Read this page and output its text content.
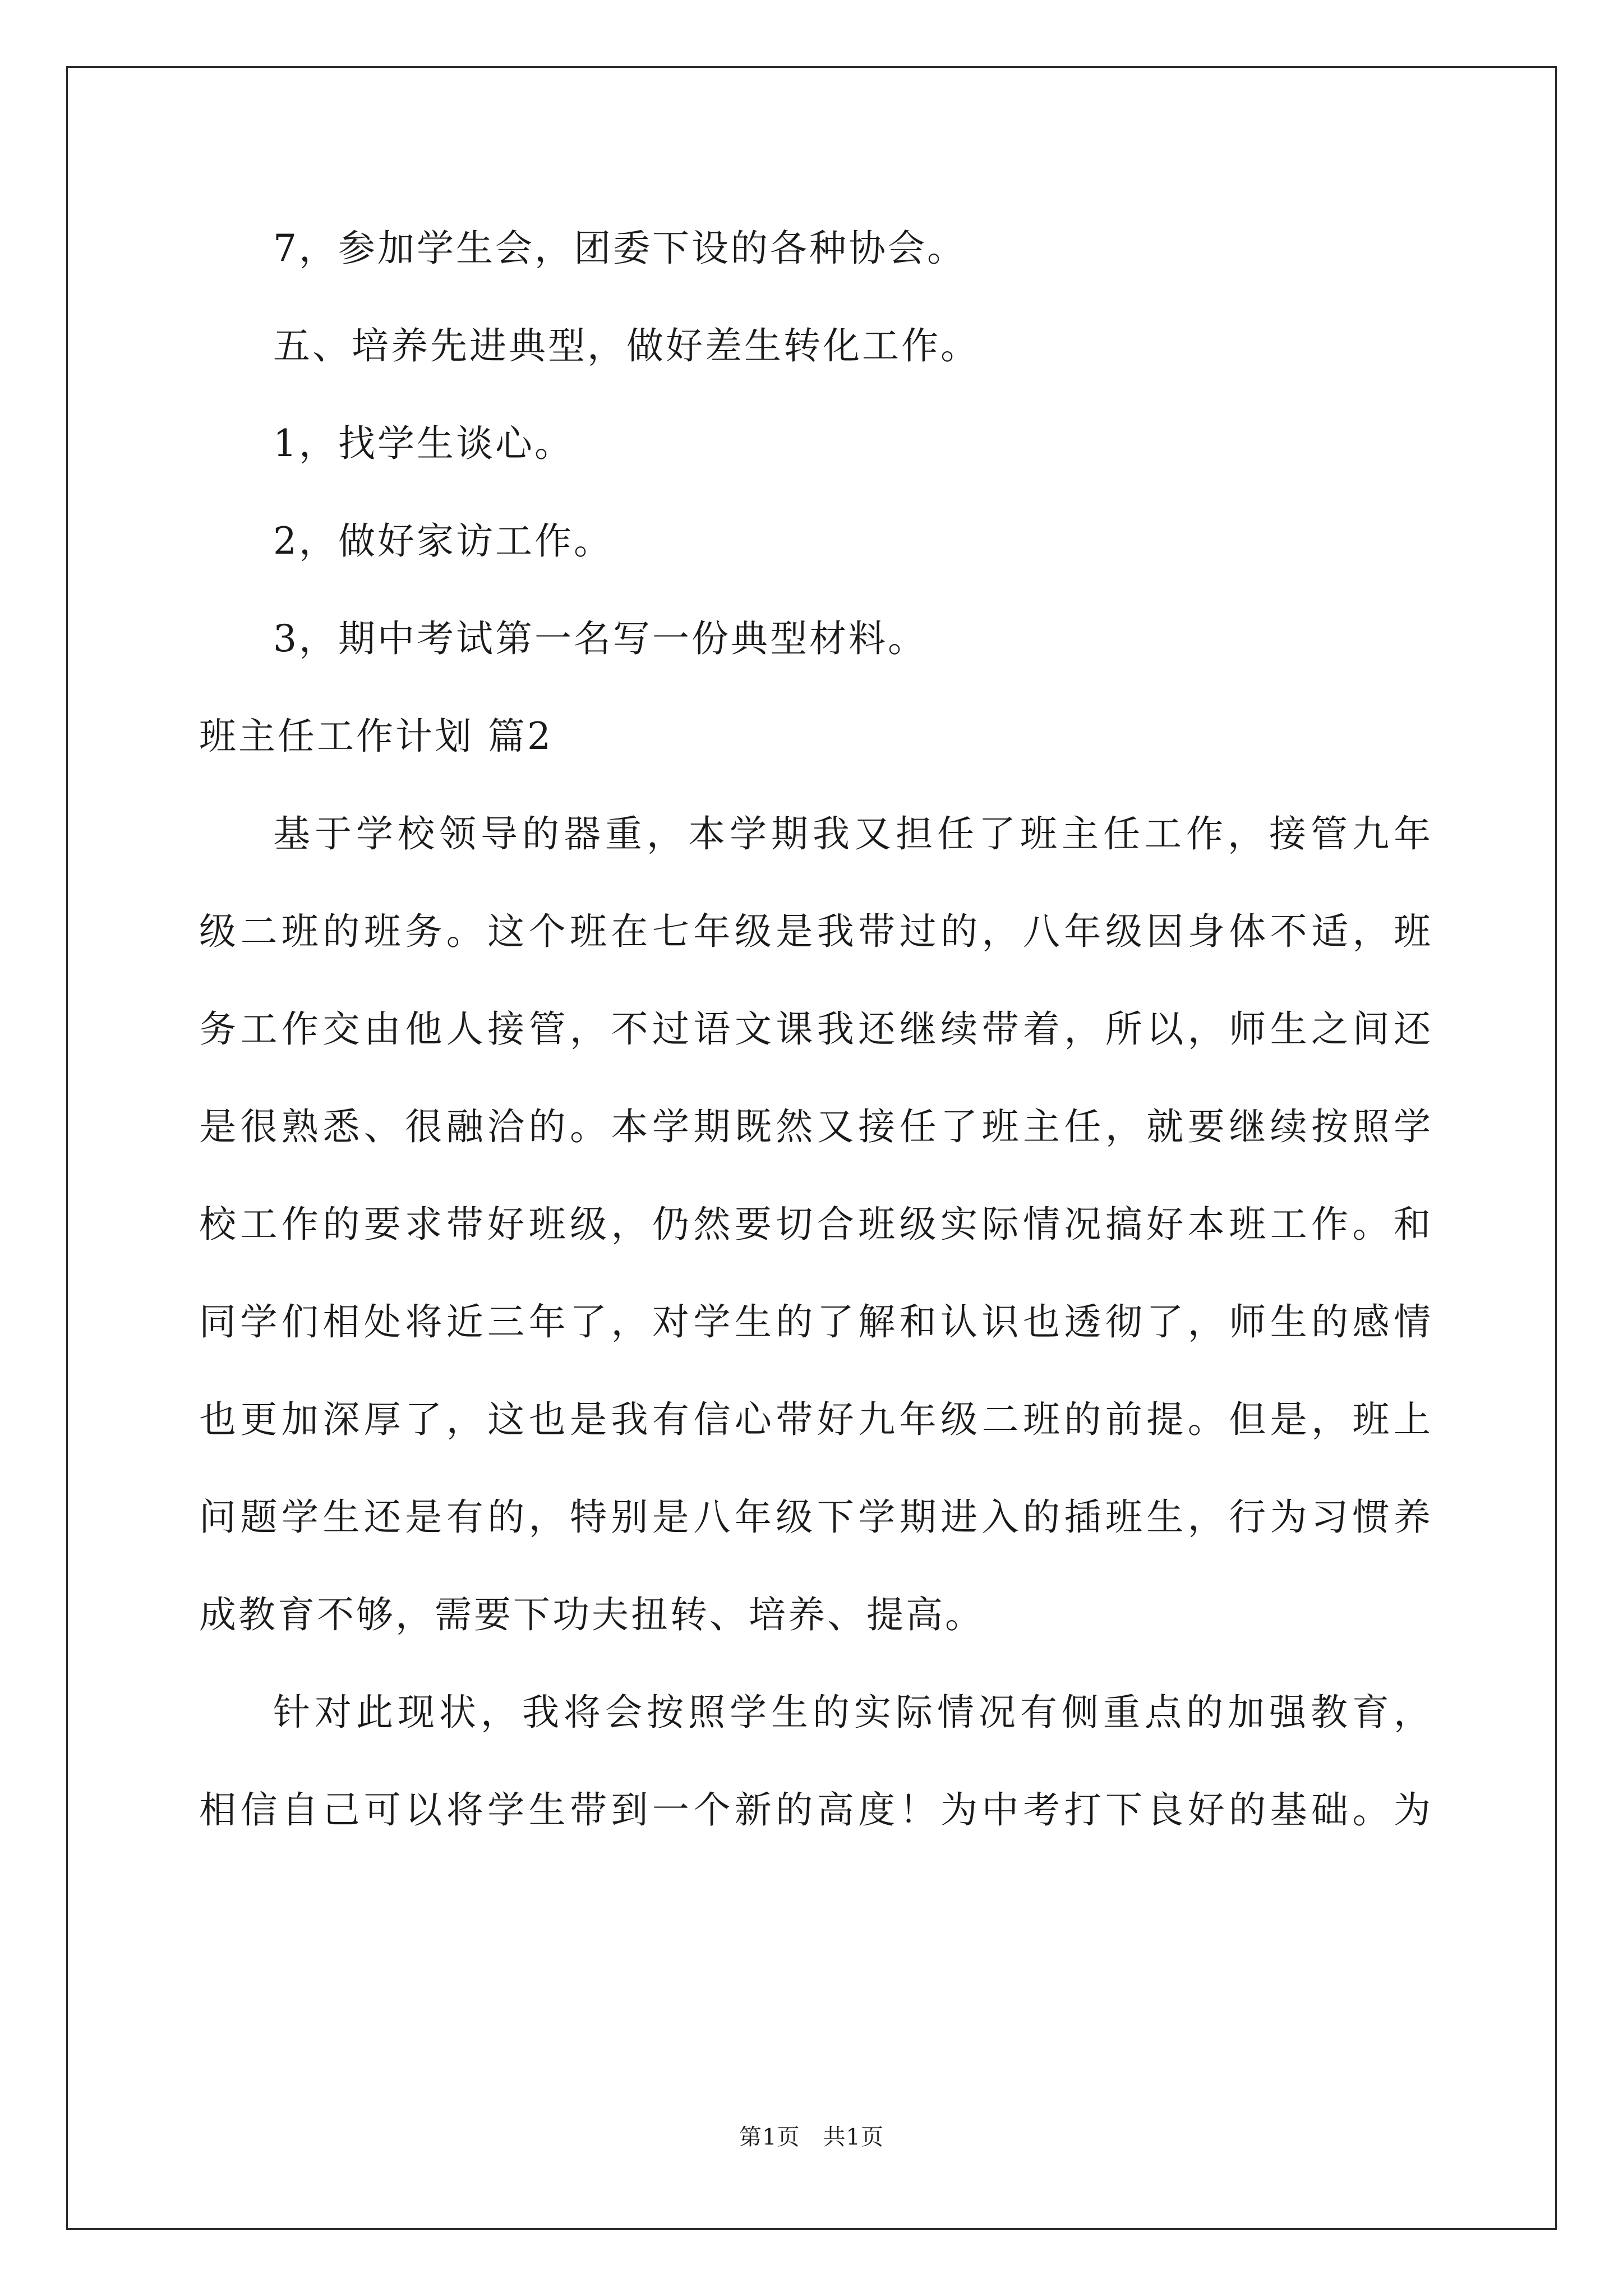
7，参加学生会，团委下设的各种协会。
五、培养先进典型，做好差生转化工作。
1，找学生谈心。
2，做好家访工作。
3，期中考试第一名写一份典型材料。
班主任工作计划 篇2
基于学校领导的器重，本学期我又担任了班主任工作，接管九年
级二班的班务。这个班在七年级是我带过的，八年级因身体不适，班
务工作交由他人接管，不过语文课我还继续带着，所以，师生之间还
是很熟悉、很融洽的。本学期既然又接任了班主任，就要继续按照学
校工作的要求带好班级，仍然要切合班级实际情况搞好本班工作。和
同学们相处将近三年了，对学生的了解和认识也透彻了，师生的感情
也更加深厚了，这也是我有信心带好九年级二班的前提。但是，班上
问题学生还是有的，特别是八年级下学期进入的插班生，行为习惯养
成教育不够，需要下功夫扭转、培养、提高。
针对此现状，我将会按照学生的实际情况有侧重点的加强教育，
相信自己可以将学生带到一个新的高度！为中考打下良好的基础。为
第1页　共1页
